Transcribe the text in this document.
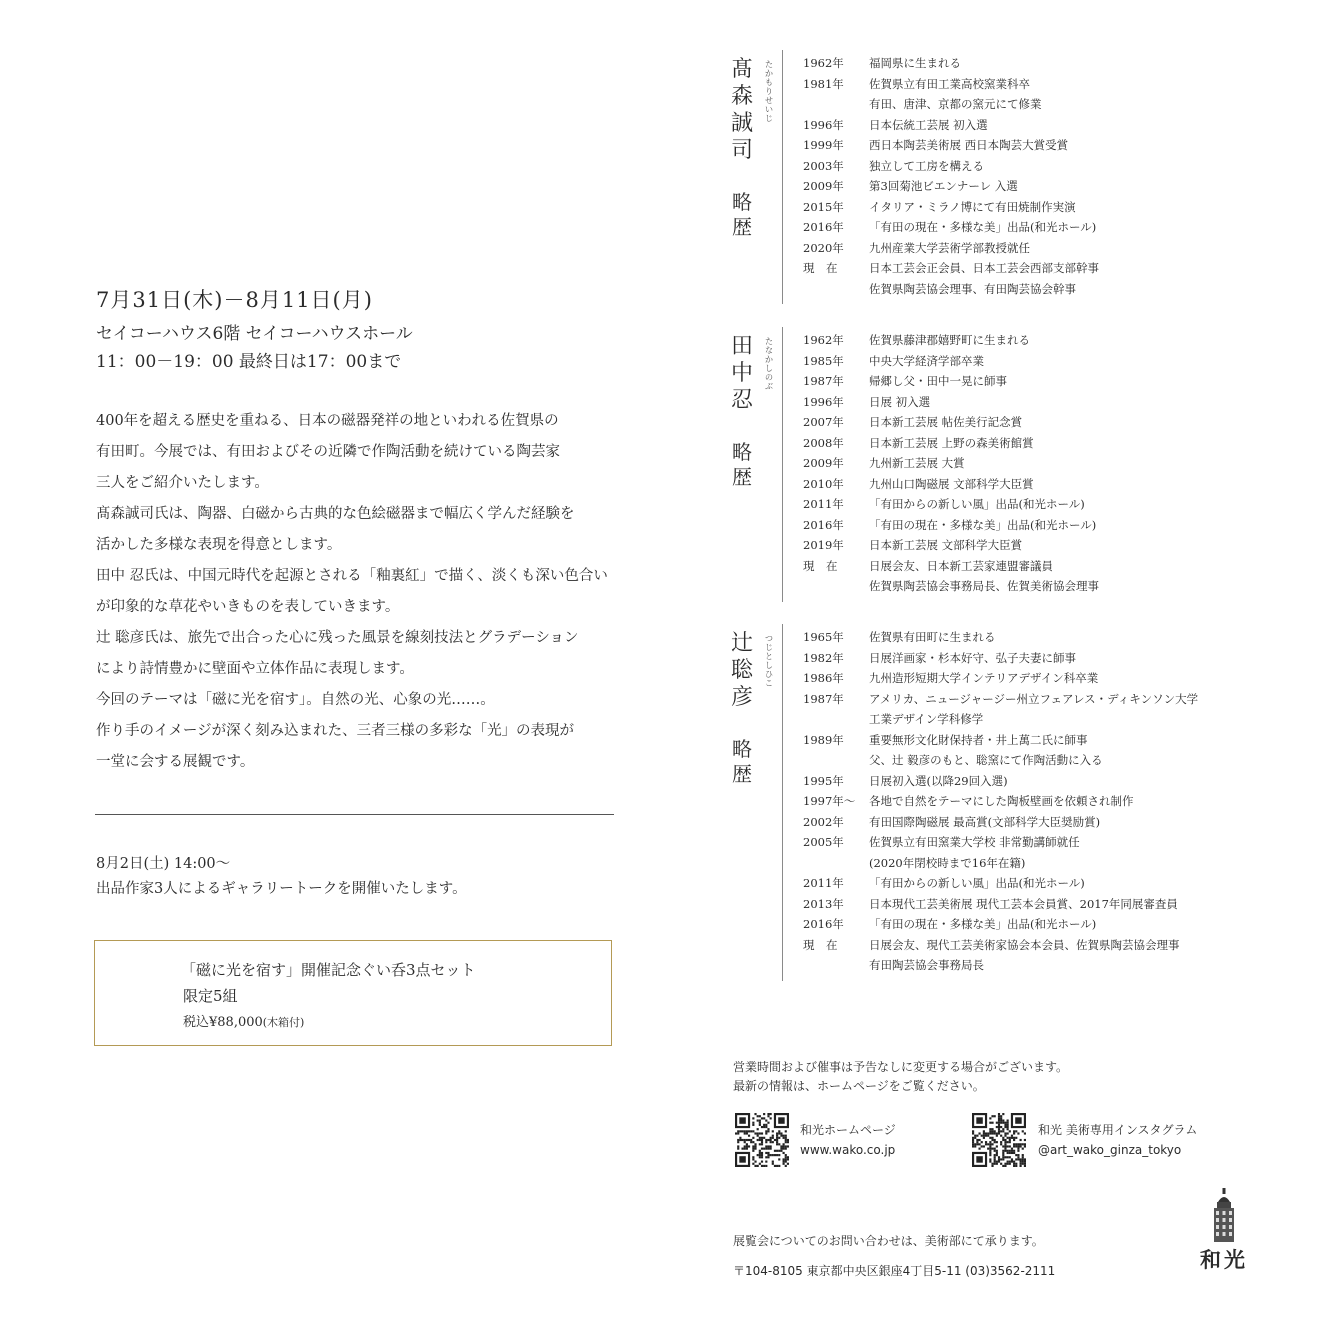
7月31日(木)－8月11日(月)
セイコーハウス6階 セイコーハウスホール
11：00－19：00 最終日は17：00まで

400年を超える歴史を重ねる、日本の磁器発祥の地といわれる佐賀県の

有田町。今展では、有田およびその近隣で作陶活動を続けている陶芸家

三人をご紹介いたします。

髙森誠司氏は、陶器、白磁から古典的な色絵磁器まで幅広く学んだ経験を

活かした多様な表現を得意とします。

田中 忍氏は、中国元時代を起源とされる「釉裏紅」で描く、淡くも深い色合い

が印象的な草花やいきものを表していきます。

辻 聡彦氏は、旅先で出合った心に残った風景を線刻技法とグラデーション

により詩情豊かに壁面や立体作品に表現します。

今回のテーマは「磁に光を宿す」。自然の光、心象の光……。

作り手のイメージが深く刻み込まれた、三者三様の多彩な「光」の表現が

一堂に会する展観です。

8月2日(土) 14:00～
出品作家3人によるギャラリートークを開催いたします。
「磁に光を宿す」開催記念ぐい呑3点セット
限定5組
税込¥88,000(木箱付)
髙
森
誠
司
略
歴
た
か
も
り
せ
い
じ
1962年	福岡県に生まれる
1981年	佐賀県立有田工業高校窯業科卒
有田、唐津、京都の窯元にて修業
1996年	日本伝統工芸展 初入選
1999年	西日本陶芸美術展 西日本陶芸大賞受賞
2003年	独立して工房を構える
2009年	第3回菊池ビエンナーレ 入選
2015年	イタリア・ミラノ博にて有田焼制作実演
2016年	「有田の現在・多様な美」出品(和光ホール)
2020年	九州産業大学芸術学部教授就任
現　在	日本工芸会正会員、日本工芸会西部支部幹事
佐賀県陶芸協会理事、有田陶芸協会幹事
田
中
忍
略
歴
た
な
か
し
の
ぶ
1962年	佐賀県藤津郡嬉野町に生まれる
1985年	中央大学経済学部卒業
1987年	帰郷し父・田中一晃に師事
1996年	日展 初入選
2007年	日本新工芸展 帖佐美行記念賞
2008年	日本新工芸展 上野の森美術館賞
2009年	九州新工芸展 大賞
2010年	九州山口陶磁展 文部科学大臣賞
2011年	「有田からの新しい風」出品(和光ホール)
2016年	「有田の現在・多様な美」出品(和光ホール)
2019年	日本新工芸展 文部科学大臣賞
現　在	日展会友、日本新工芸家連盟審議員
佐賀県陶芸協会事務局長、佐賀美術協会理事
辻
聡
彦
略
歴
つ
じ
と
し
ひ
こ
1965年	佐賀県有田町に生まれる
1982年	日展洋画家・杉本好守、弘子夫妻に師事
1986年	九州造形短期大学インテリアデザイン科卒業
1987年	アメリカ、ニュージャージー州立フェアレス・ディキンソン大学
工業デザイン学科修学
1989年	重要無形文化財保持者・井上萬二氏に師事
父、辻 毅彦のもと、聡窯にて作陶活動に入る
1995年	日展初入選(以降29回入選)
1997年～	各地で自然をテーマにした陶板壁画を依頼され制作
2002年	有田国際陶磁展 最高賞(文部科学大臣奨励賞)
2005年	佐賀県立有田窯業大学校 非常勤講師就任
(2020年閉校時まで16年在籍)
2011年	「有田からの新しい風」出品(和光ホール)
2013年	日本現代工芸美術展 現代工芸本会員賞、2017年同展審査員
2016年	「有田の現在・多様な美」出品(和光ホール)
現　在	日展会友、現代工芸美術家協会本会員、佐賀県陶芸協会理事
有田陶芸協会事務局長
営業時間および催事は予告なしに変更する場合がございます。
最新の情報は、ホームページをご覧ください。
和光ホームページ
www.wako.co.jp
和光 美術専用インスタグラム
@art_wako_ginza_tokyo
展覧会についてのお問い合わせは、美術部にて承ります。
〒104-8105 東京都中央区銀座4丁目5-11 (03)3562-2111	和光
